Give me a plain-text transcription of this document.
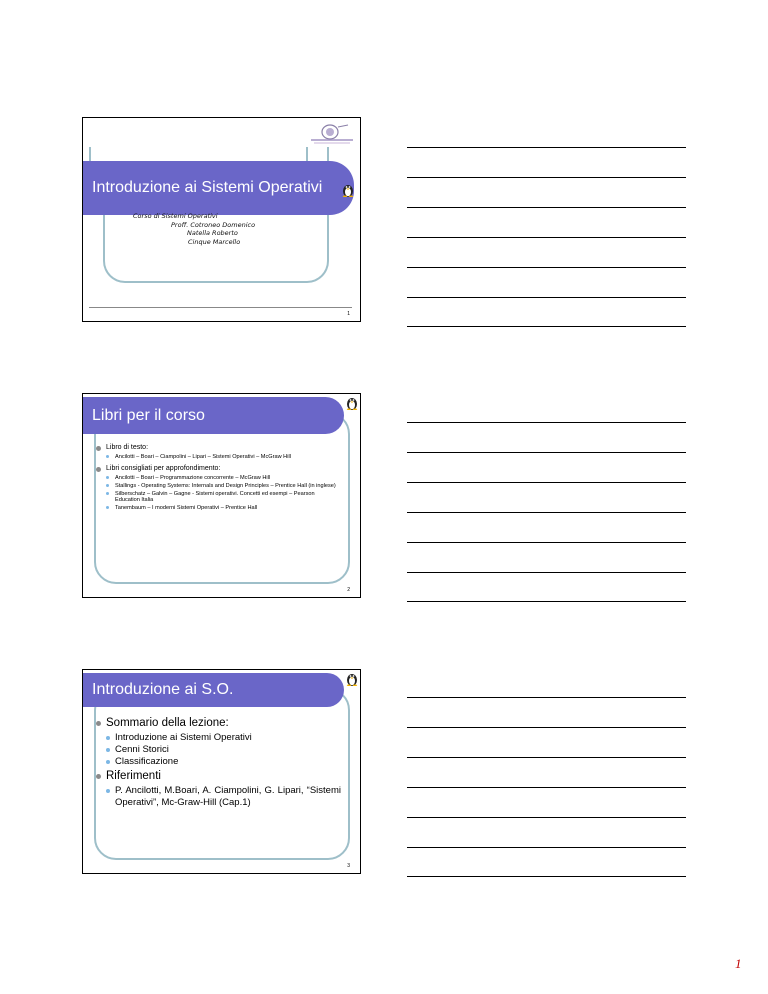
Introduzione ai Sistemi Operativi
Corso di Sistemi Operativi
Proff. Cotroneo Domenico
Natella Roberto
Cinque Marcello
1
Libri per il corso
Libro di testo:
Ancilotti – Boari – Ciampolini – Lipari – Sistemi Operativi – McGraw Hill
Libri consigliati per approfondimento:
Ancilotti – Boari – Programmazione concorrente – McGraw Hill
Stallings - Operating Systems: Internals and Design Principles – Prentice Hall (in inglese)
Silberschatz – Galvin – Gagne - Sistemi operativi. Concetti ed esempi – Pearson Education Italia
Tanembaum – I moderni Sistemi Operativi – Prentice Hall
2
Introduzione ai S.O.
Sommario della lezione:
Introduzione ai Sistemi Operativi
Cenni Storici
Classificazione
Riferimenti
P. Ancilotti, M.Boari, A. Ciampolini, G. Lipari, “Sistemi Operativi”, Mc-Graw-Hill (Cap.1)
3
1
